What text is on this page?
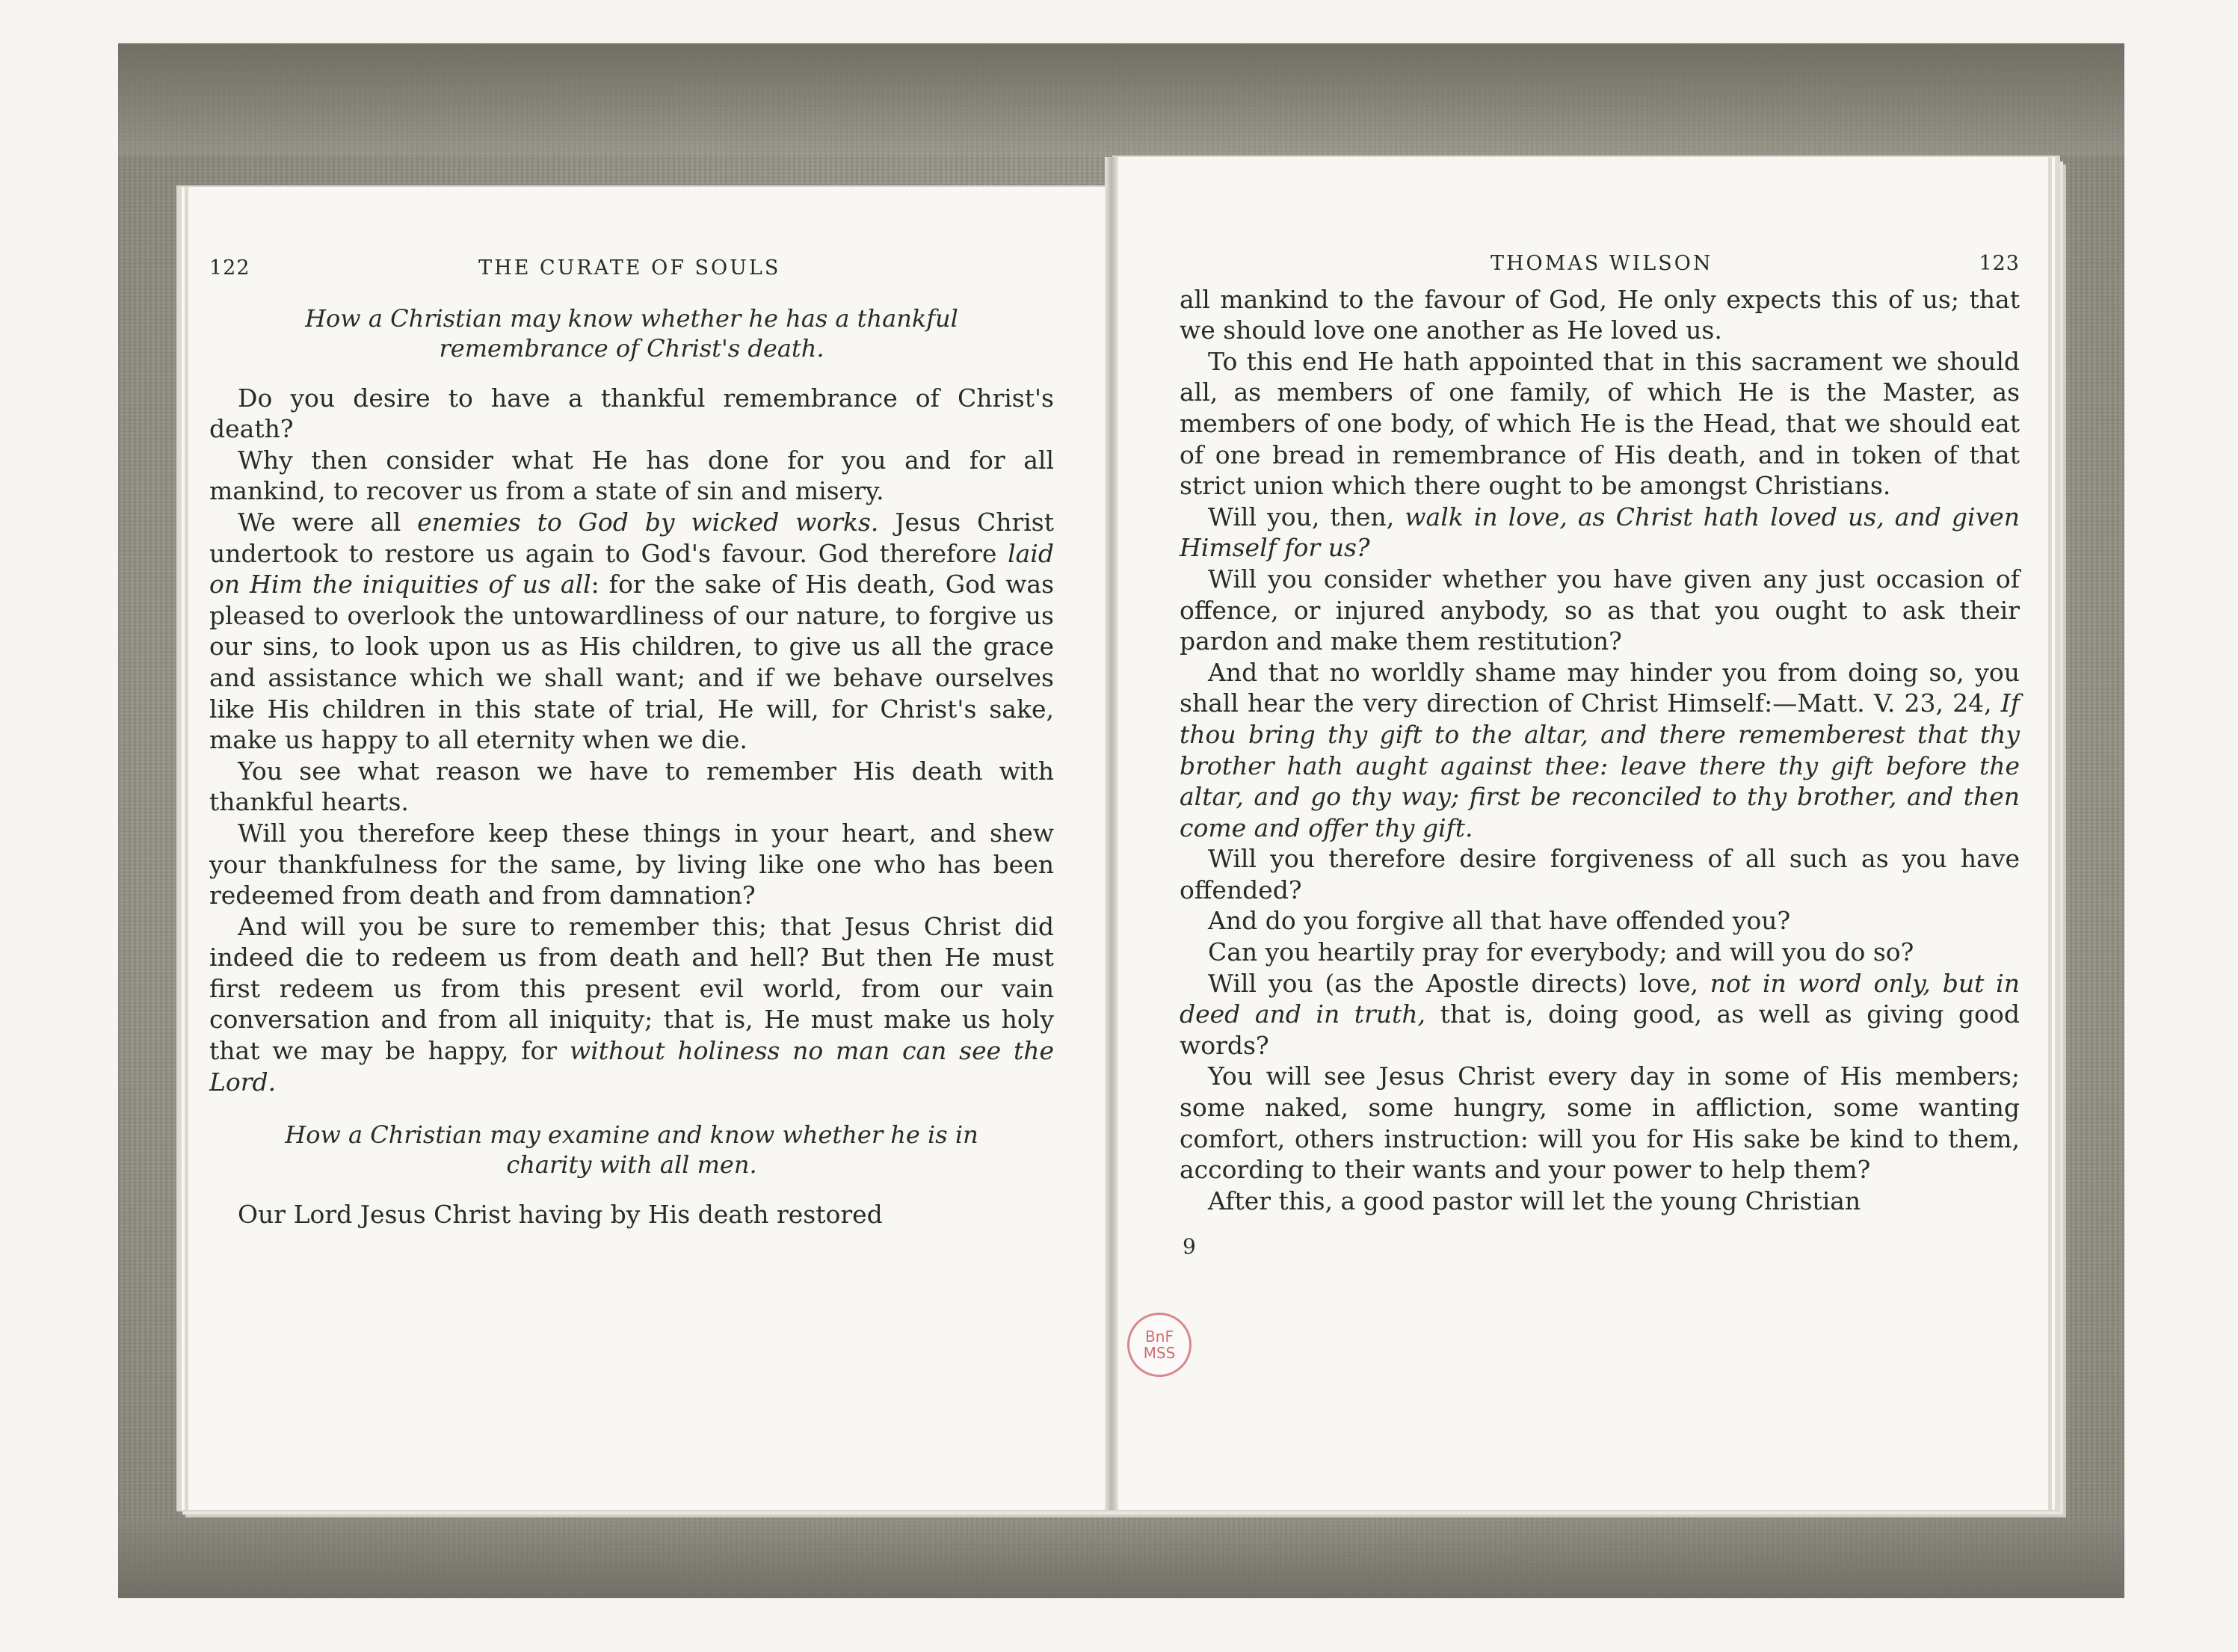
122	THE CURATE OF SOULS
How a Christian may know whether he has a thankful remembrance of Christ's death.

Do you desire to have a thankful remembrance of Christ's death?

Why then consider what He has done for you and for all mankind, to recover us from a state of sin and misery.

We were all enemies to God by wicked works. Jesus Christ undertook to restore us again to God's favour. God therefore laid on Him the iniquities of us all: for the sake of His death, God was pleased to overlook the untowardliness of our nature, to forgive us our sins, to look upon us as His children, to give us all the grace and assistance which we shall want; and if we behave ourselves like His children in this state of trial, He will, for Christ's sake, make us happy to all eternity when we die.

You see what reason we have to remember His death with thankful hearts.

Will you therefore keep these things in your heart, and shew your thankfulness for the same, by living like one who has been redeemed from death and from damnation?

And will you be sure to remember this; that Jesus Christ did indeed die to redeem us from death and hell? But then He must first redeem us from this present evil world, from our vain conversation and from all iniquity; that is, He must make us holy that we may be happy, for without holiness no man can see the Lord.

How a Christian may examine and know whether he is in charity with all men.

Our Lord Jesus Christ having by His death restored

THOMAS WILSON	123

all mankind to the favour of God, He only expects this of us; that we should love one another as He loved us.

To this end He hath appointed that in this sacrament we should all, as members of one family, of which He is the Master, as members of one body, of which He is the Head, that we should eat of one bread in remembrance of His death, and in token of that strict union which there ought to be amongst Christians.

Will you, then, walk in love, as Christ hath loved us, and given Himself for us?

Will you consider whether you have given any just occasion of offence, or injured anybody, so as that you ought to ask their pardon and make them restitution?

And that no worldly shame may hinder you from doing so, you shall hear the very direction of Christ Himself:—Matt. V. 23, 24, If thou bring thy gift to the altar, and there rememberest that thy brother hath aught against thee: leave there thy gift before the altar, and go thy way; first be reconciled to thy brother, and then come and offer thy gift.

Will you therefore desire forgiveness of all such as you have offended?

And do you forgive all that have offended you?

Can you heartily pray for everybody; and will you do so?

Will you (as the Apostle directs) love, not in word only, but in deed and in truth, that is, doing good, as well as giving good words?

You will see Jesus Christ every day in some of His members; some naked, some hungry, some in affliction, some wanting comfort, others instruction: will you for His sake be kind to them, according to their wants and your power to help them?

After this, a good pastor will let the young Christian

9
BnF
MSS
